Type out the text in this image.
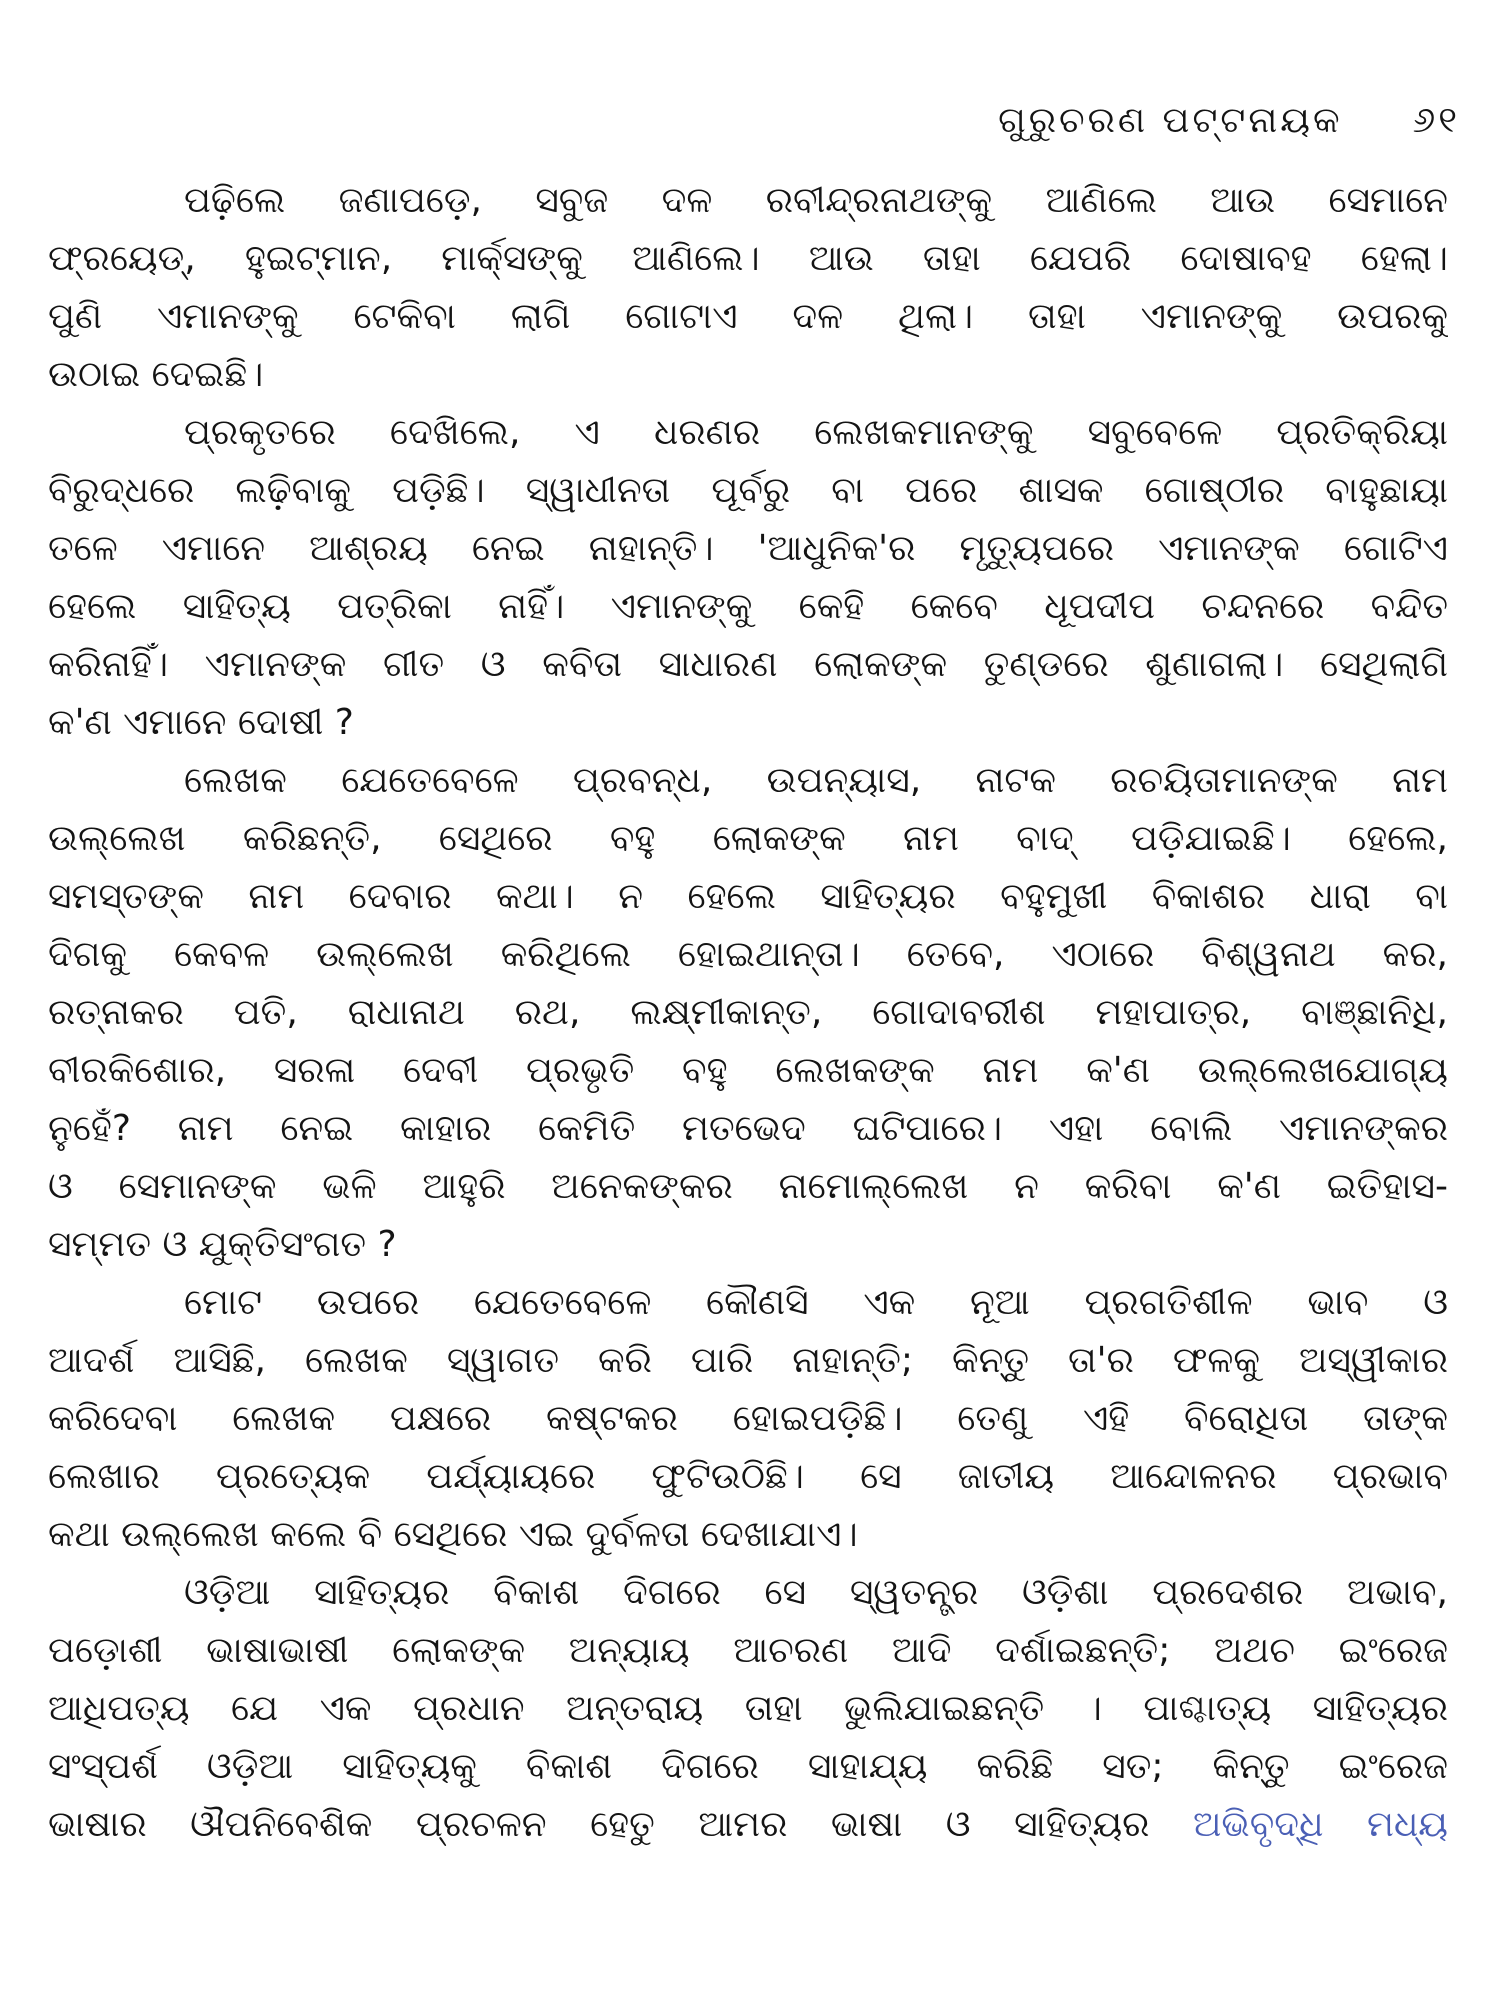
ଗୁରୁଚରଣ ପଟ୍ଟନାୟକ ୬୧
ପଢ଼ିଲେ ଜଣାପଡ଼େ, ସବୁଜ ଦଳ ରବୀନ୍ଦ୍ରନାଥଙ୍କୁ ଆଣିଲେ ଆଉ ସେମାନେ
ଫ୍ରୟେଡ୍, ହୁଇଟ୍‌ମାନ, ମାର୍କ୍ସଙ୍କୁ ଆଣିଲେ। ଆଉ ତାହା ଯେପରି ଦୋଷାବହ ହେଲା।
ପୁଣି ଏମାନଙ୍କୁ ଟେକିବା ଲାଗି ଗୋଟାଏ ଦଳ ଥିଲା। ତାହା ଏମାନଙ୍କୁ ଉପରକୁ
ଉଠାଇ ଦେଇଛି।
ପ୍ରକୃତରେ ଦେଖିଲେ, ଏ ଧରଣର ଲେଖକମାନଙ୍କୁ ସବୁବେଳେ ପ୍ରତିକ୍ରିୟା
ବିରୁଦ୍ଧରେ ଲଢ଼ିବାକୁ ପଡ଼ିଛି। ସ୍ୱାଧୀନତା ପୂର୍ବରୁ ବା ପରେ ଶାସକ ଗୋଷ୍ଠୀର ବାହୁଛାୟା
ତଳେ ଏମାନେ ଆଶ୍ରୟ ନେଇ ନାହାନ୍ତି। 'ଆଧୁନିକ'ର ମୃତ୍ୟୁପରେ ଏମାନଙ୍କ ଗୋଟିଏ
ହେଲେ ସାହିତ୍ୟ ପତ୍ରିକା ନାହିଁ। ଏମାନଙ୍କୁ କେହି କେବେ ଧୂପଦୀପ ଚନ୍ଦନରେ ବନ୍ଦିତ
କରିନାହିଁ। ଏମାନଙ୍କ ଗୀତ ଓ କବିତା ସାଧାରଣ ଲୋକଙ୍କ ତୁଣ୍ଡରେ ଶୁଣାଗଲା। ସେଥିଲାଗି
କ'ଣ ଏମାନେ ଦୋଷୀ ?
ଲେଖକ ଯେତେବେଳେ ପ୍ରବନ୍ଧ, ଉପନ୍ୟାସ, ନାଟକ ରଚୟିତାମାନଙ୍କ ନାମ
ଉଲ୍ଲେଖ କରିଛନ୍ତି, ସେଥିରେ ବହୁ ଲୋକଙ୍କ ନାମ ବାଦ୍ ପଡ଼ିଯାଇଛି। ହେଲେ,
ସମସ୍ତଙ୍କ ନାମ ଦେବାର କଥା। ନ ହେଲେ ସାହିତ୍ୟର ବହୁମୁଖୀ ବିକାଶର ଧାରା ବା
ଦିଗକୁ କେବଳ ଉଲ୍ଲେଖ କରିଥିଲେ ହୋଇଥାନ୍ତା। ତେବେ, ଏଠାରେ ବିଶ୍ୱନାଥ କର,
ରତ୍ନାକର ପତି, ରାଧାନାଥ ରଥ, ଲକ୍ଷ୍ମୀକାନ୍ତ, ଗୋଦାବରୀଶ ମହାପାତ୍ର, ବାଞ୍ଛାନିଧି,
ବୀରକିଶୋର, ସରଳା ଦେବୀ ପ୍ରଭୃତି ବହୁ ଲେଖକଙ୍କ ନାମ କ'ଣ ଉଲ୍ଲେଖଯୋଗ୍ୟ
ନୁହେଁ? ନାମ ନେଇ କାହାର କେମିତି ମତଭେଦ ଘଟିପାରେ। ଏହା ବୋଲି ଏମାନଙ୍କର
ଓ ସେମାନଙ୍କ ଭଳି ଆହୁରି ଅନେକଙ୍କର ନାମୋଲ୍ଲେଖ ନ କରିବା କ'ଣ ଇତିହାସ-
ସମ୍ମତ ଓ ଯୁକ୍ତିସଂଗତ ?
ମୋଟ ଉପରେ ଯେତେବେଳେ କୌଣସି ଏକ ନୂଆ ପ୍ରଗତିଶୀଳ ଭାବ ଓ
ଆଦର୍ଶ ଆସିଛି, ଲେଖକ ସ୍ୱାଗତ କରି ପାରି ନାହାନ୍ତି; କିନ୍ତୁ ତା'ର ଫଳକୁ ଅସ୍ୱୀକାର
କରିଦେବା ଲେଖକ ପକ୍ଷରେ କଷ୍ଟକର ହୋଇପଡ଼ିଛି। ତେଣୁ ଏହି ବିରୋଧିତା ତାଙ୍କ
ଲେଖାର ପ୍ରତ୍ୟେକ ପର୍ଯ୍ୟାୟରେ ଫୁଟିଉଠିଛି। ସେ ଜାତୀୟ ଆନ୍ଦୋଳନର ପ୍ରଭାବ
କଥା ଉଲ୍ଲେଖ କଲେ ବି ସେଥିରେ ଏଇ ଦୁର୍ବଳତା ଦେଖାଯାଏ।
ଓଡ଼ିଆ ସାହିତ୍ୟର ବିକାଶ ଦିଗରେ ସେ ସ୍ୱତନ୍ତ୍ର ଓଡ଼ିଶା ପ୍ରଦେଶର ଅଭାବ,
ପଡ଼ୋଶୀ ଭାଷାଭାଷୀ ଲୋକଙ୍କ ଅନ୍ୟାୟ ଆଚରଣ ଆଦି ଦର୍ଶାଇଛନ୍ତି; ଅଥଚ ଇଂରେଜ
ଆଧିପତ୍ୟ ଯେ ଏକ ପ୍ରଧାନ ଅନ୍ତରାୟ ତାହା ଭୁଲିଯାଇଛନ୍ତି । ପାଶ୍ଚାତ୍ୟ ସାହିତ୍ୟର
ସଂସ୍ପର୍ଶ ଓଡ଼ିଆ ସାହିତ୍ୟକୁ ବିକାଶ ଦିଗରେ ସାହାଯ୍ୟ କରିଛି ସତ; କିନ୍ତୁ ଇଂରେଜ
ଭାଷାର ଔପନିବେଶିକ ପ୍ରଚଳନ ହେତୁ ଆମର ଭାଷା ଓ ସାହିତ୍ୟର ଅଭିବୃଦ୍ଧି ମଧ୍ୟ
